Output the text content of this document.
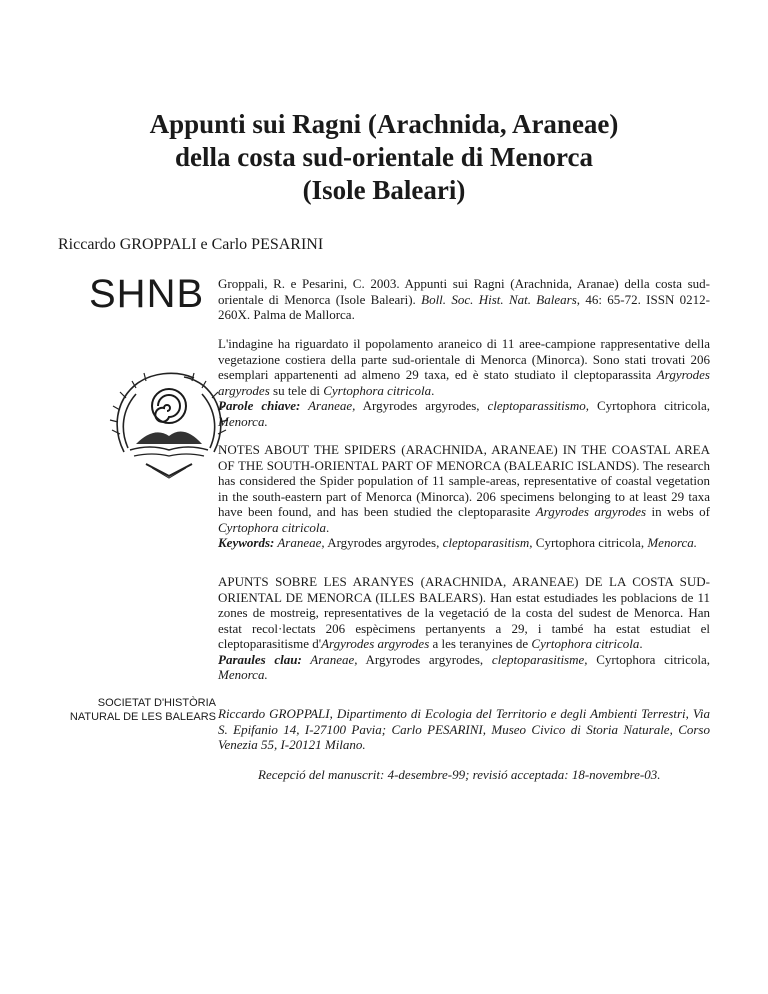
Appunti sui Ragni (Arachnida, Araneae)
della costa sud-orientale di Menorca
(Isole Baleari)

Riccardo GROPPALI e Carlo PESARINI

SHNB
SOCIETAT D'HISTÒRIA
NATURAL DE LES BALEARS

Groppali, R. e Pesarini, C. 2003. Appunti sui Ragni (Arachnida, Aranae) della costa sud-orientale di Menorca (Isole Baleari). Boll. Soc. Hist. Nat. Balears, 46: 65-72. ISSN 0212-260X. Palma de Mallorca.

L'indagine ha riguardato il popolamento araneico di 11 aree-campione rappresentative della vegetazione costiera della parte sud-orientale di Menorca (Minorca). Sono stati trovati 206 esemplari appartenenti ad almeno 29 taxa, ed è stato studiato il cleptoparassita Argyrodes argyrodes su tele di Cyrtophora citricola.

Parole chiave: Araneae, Argyrodes argyrodes, cleptoparassitismo, Cyrtophora citricola, Menorca.

NOTES ABOUT THE SPIDERS (ARACHNIDA, ARANEAE) IN THE COASTAL AREA OF THE SOUTH-ORIENTAL PART OF MENORCA (BALEARIC ISLANDS). The research has considered the Spider population of 11 sample-areas, representative of coastal vegetation in the south-eastern part of Menorca (Minorca). 206 specimens belonging to at least 29 taxa have been found, and has been studied the cleptoparasite Argyrodes argyrodes in webs of Cyrtophora citricola.

Keywords: Araneae, Argyrodes argyrodes, cleptoparasitism, Cyrtophora citricola, Menorca.

APUNTS SOBRE LES ARANYES (ARACHNIDA, ARANEAE) DE LA COSTA SUD-ORIENTAL DE MENORCA (ILLES BALEARS). Han estat estudiades les poblacions de 11 zones de mostreig, representatives de la vegetació de la costa del sudest de Menorca. Han estat recol·lectats 206 espècimens pertanyents a 29, i també ha estat estudiat el cleptoparasitisme d'Argyrodes argyrodes a les teranyines de Cyrtophora citricola.

Paraules clau: Araneae, Argyrodes argyrodes, cleptoparasitisme, Cyrtophora citricola, Menorca.

Riccardo GROPPALI, Dipartimento di Ecologia del Territorio e degli Ambienti Terrestri, Via S. Epifanio 14, I-27100 Pavia; Carlo PESARINI, Museo Civico di Storia Naturale, Corso Venezia 55, I-20121 Milano.

Recepció del manuscrit: 4-desembre-99; revisió acceptada: 18-novembre-03.
